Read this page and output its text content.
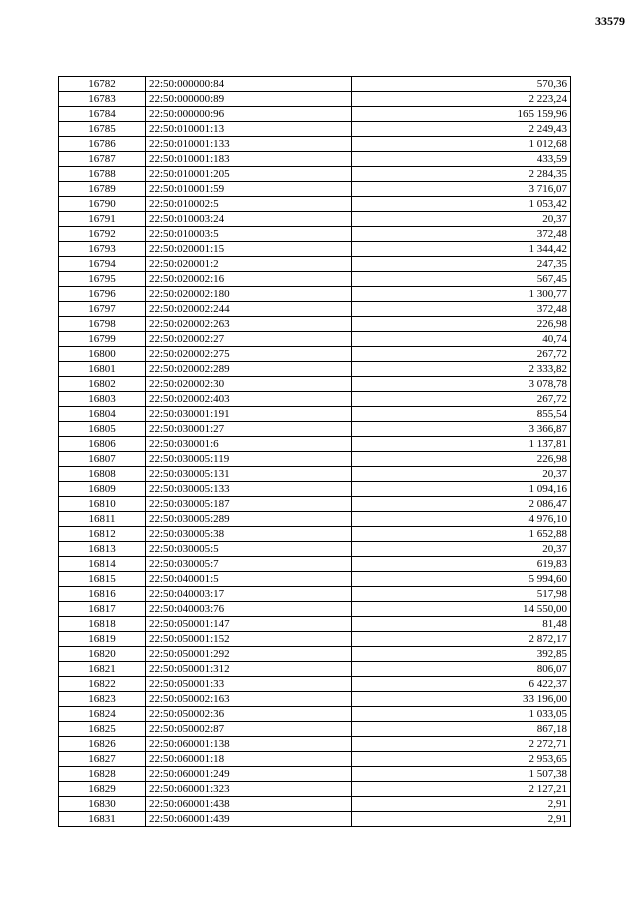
33579
16782	22:50:000000:84	570,36
16783	22:50:000000:89	2 223,24
16784	22:50:000000:96	165 159,96
16785	22:50:010001:13	2 249,43
16786	22:50:010001:133	1 012,68
16787	22:50:010001:183	433,59
16788	22:50:010001:205	2 284,35
16789	22:50:010001:59	3 716,07
16790	22:50:010002:5	1 053,42
16791	22:50:010003:24	20,37
16792	22:50:010003:5	372,48
16793	22:50:020001:15	1 344,42
16794	22:50:020001:2	247,35
16795	22:50:020002:16	567,45
16796	22:50:020002:180	1 300,77
16797	22:50:020002:244	372,48
16798	22:50:020002:263	226,98
16799	22:50:020002:27	40,74
16800	22:50:020002:275	267,72
16801	22:50:020002:289	2 333,82
16802	22:50:020002:30	3 078,78
16803	22:50:020002:403	267,72
16804	22:50:030001:191	855,54
16805	22:50:030001:27	3 366,87
16806	22:50:030001:6	1 137,81
16807	22:50:030005:119	226,98
16808	22:50:030005:131	20,37
16809	22:50:030005:133	1 094,16
16810	22:50:030005:187	2 086,47
16811	22:50:030005:289	4 976,10
16812	22:50:030005:38	1 652,88
16813	22:50:030005:5	20,37
16814	22:50:030005:7	619,83
16815	22:50:040001:5	5 994,60
16816	22:50:040003:17	517,98
16817	22:50:040003:76	14 550,00
16818	22:50:050001:147	81,48
16819	22:50:050001:152	2 872,17
16820	22:50:050001:292	392,85
16821	22:50:050001:312	806,07
16822	22:50:050001:33	6 422,37
16823	22:50:050002:163	33 196,00
16824	22:50:050002:36	1 033,05
16825	22:50:050002:87	867,18
16826	22:50:060001:138	2 272,71
16827	22:50:060001:18	2 953,65
16828	22:50:060001:249	1 507,38
16829	22:50:060001:323	2 127,21
16830	22:50:060001:438	2,91
16831	22:50:060001:439	2,91
